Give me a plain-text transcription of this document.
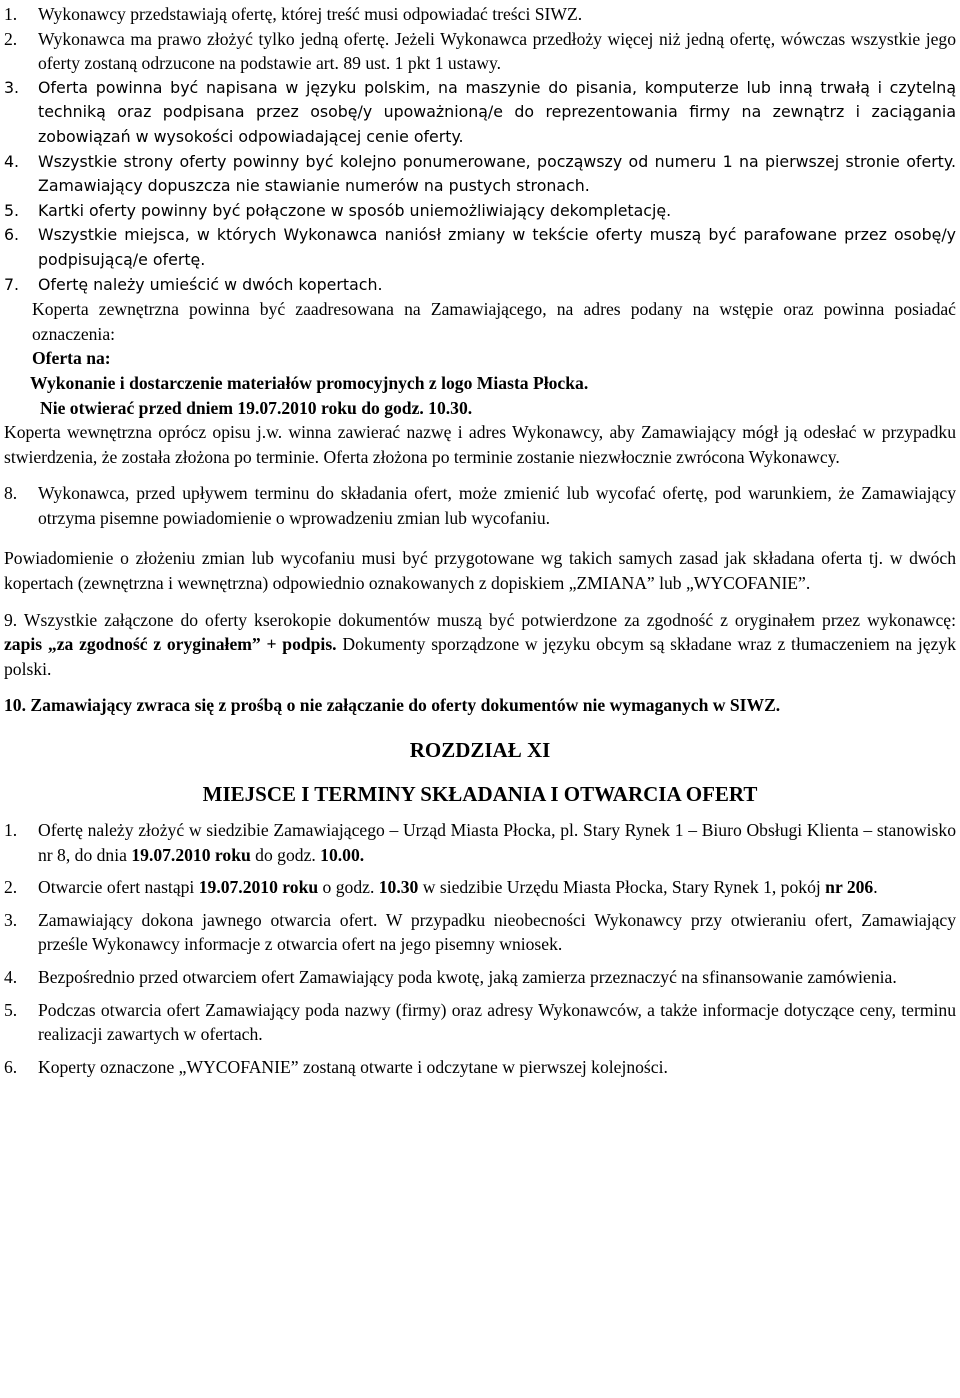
1.	Wykonawcy przedstawiają ofertę, której treść musi odpowiadać treści SIWZ.
2.	Wykonawca ma prawo złożyć tylko jedną ofertę. Jeżeli Wykonawca przedłoży więcej niż jedną ofertę, wówczas wszystkie jego oferty zostaną odrzucone na podstawie art. 89 ust. 1 pkt 1 ustawy.
3.	Oferta powinna być napisana w języku polskim, na maszynie do pisania, komputerze lub inną trwałą i czytelną techniką oraz podpisana przez osobę/y upoważnioną/e do reprezentowania firmy na zewnątrz i zaciągania zobowiązań w wysokości odpowiadającej cenie oferty.
4.	Wszystkie strony oferty powinny być kolejno ponumerowane, począwszy od numeru 1 na pierwszej stronie oferty. Zamawiający dopuszcza nie stawianie numerów na pustych stronach.
5.	Kartki oferty powinny być połączone w sposób uniemożliwiający dekompletację.
6.	Wszystkie miejsca, w których Wykonawca naniósł zmiany w tekście oferty muszą być parafowane przez osobę/y podpisującą/e ofertę.
7.	Ofertę należy umieścić w dwóch kopertach.
Koperta zewnętrzna powinna być zaadresowana na Zamawiającego, na adres podany na wstępie oraz powinna posiadać oznaczenia:
Oferta na:
Wykonanie i dostarczenie materiałów promocyjnych z logo Miasta Płocka.
Nie otwierać przed dniem 19.07.2010 roku do godz. 10.30.
Koperta wewnętrzna oprócz opisu j.w. winna zawierać nazwę i adres Wykonawcy, aby Zamawiający mógł ją odesłać w przypadku stwierdzenia, że została złożona po terminie. Oferta złożona po terminie zostanie niezwłocznie zwrócona Wykonawcy.
8.	Wykonawca, przed upływem terminu do składania ofert, może zmienić lub wycofać ofertę, pod warunkiem, że Zamawiający otrzyma pisemne powiadomienie o wprowadzeniu zmian lub wycofaniu.
Powiadomienie o złożeniu zmian lub wycofaniu musi być przygotowane wg takich samych zasad jak składana oferta tj. w dwóch kopertach (zewnętrzna i wewnętrzna) odpowiednio oznakowanych z dopiskiem „ZMIANA” lub „WYCOFANIE”.
9. Wszystkie załączone do oferty kserokopie dokumentów muszą być potwierdzone za zgodność z oryginałem przez wykonawcę: zapis „za zgodność z oryginałem” + podpis. Dokumenty sporządzone w języku obcym są składane wraz z tłumaczeniem na język polski.
10. Zamawiający zwraca się z prośbą o nie załączanie do oferty dokumentów nie wymaganych w SIWZ.
ROZDZIAŁ XI
MIEJSCE I TERMINY SKŁADANIA I OTWARCIA OFERT
1.	Ofertę należy złożyć w siedzibie Zamawiającego – Urząd Miasta Płocka, pl. Stary Rynek 1 – Biuro Obsługi Klienta – stanowisko nr 8, do dnia 19.07.2010 roku do godz. 10.00.
2.	Otwarcie ofert nastąpi 19.07.2010 roku o godz. 10.30 w siedzibie Urzędu Miasta Płocka, Stary Rynek 1, pokój nr 206.
3.	Zamawiający dokona jawnego otwarcia ofert. W przypadku nieobecności Wykonawcy przy otwieraniu ofert, Zamawiający prześle Wykonawcy informacje z otwarcia ofert na jego pisemny wniosek.
4.	Bezpośrednio przed otwarciem ofert Zamawiający poda kwotę, jaką zamierza przeznaczyć na sfinansowanie zamówienia.
5.	Podczas otwarcia ofert Zamawiający poda nazwy (firmy) oraz adresy Wykonawców, a także informacje dotyczące ceny, terminu realizacji zawartych w ofertach.
6.	Koperty oznaczone „WYCOFANIE” zostaną otwarte i odczytane w pierwszej kolejności.
